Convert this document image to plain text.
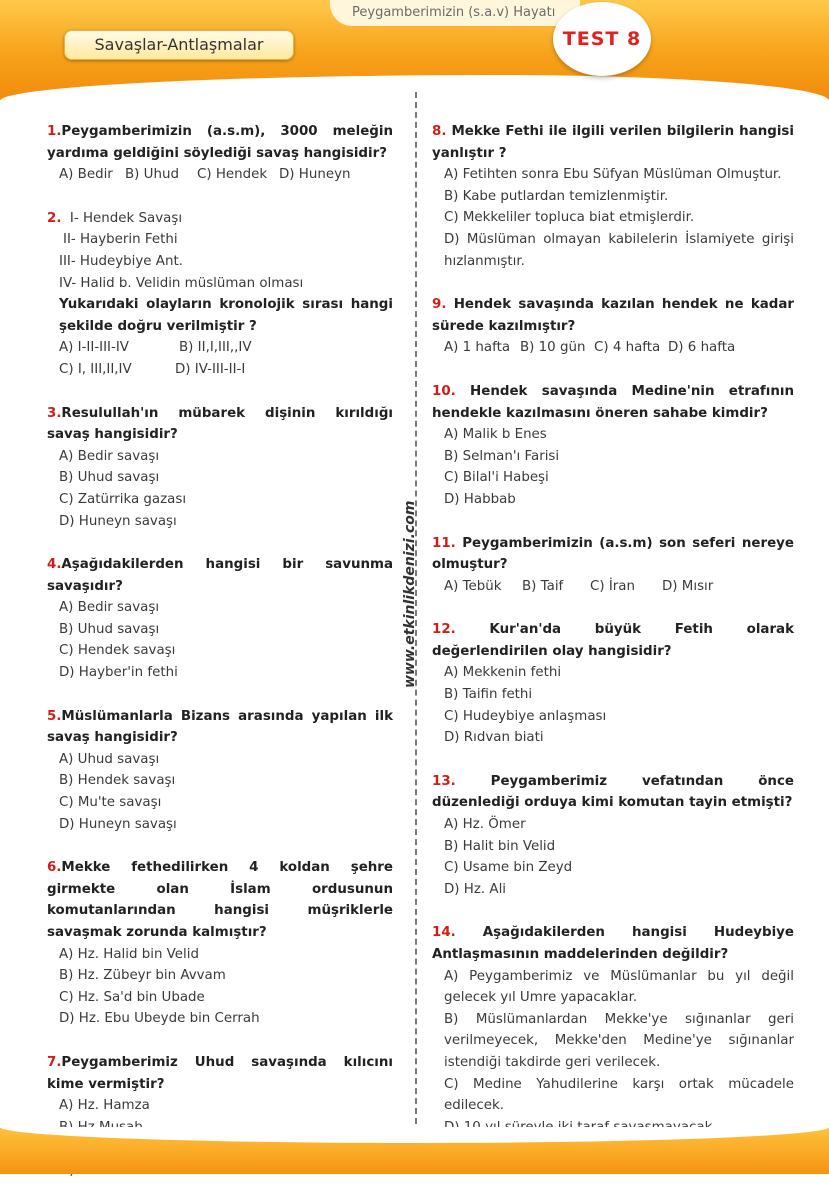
Peygamberimizin (s.a.v) Hayatı
Savaşlar-Antlaşmalar	TEST 8
www.etkinlikdenizi.com
1.Peygamberimizin (a.s.m), 3000 meleğin yardıma geldiğini söylediği savaş hangisidir?
A) Bedir B) Uhud C) Hendek D) Huneyn
2. I- Hendek Savaşı
II- Hayberin Fethi
III- Hudeybiye Ant.
IV- Halid b. Velidin müslüman olması
Yukarıdaki olayların kronolojik sırası hangi şekilde doğru verilmiştir ?
A) I-II-III-IV	B) II,I,III,,IV
C) I, III,II,IV	D) IV-III-II-I
3.Resulullah'ın mübarek dişinin kırıldığı savaş hangisidir?
A) Bedir savaşı
B) Uhud savaşı
C) Zatürrika gazası
D) Huneyn savaşı
4.Aşağıdakilerden hangisi bir savunma savaşıdır?
A) Bedir savaşı
B) Uhud savaşı
C) Hendek savaşı
D) Hayber'in fethi
5.Müslümanlarla Bizans arasında yapılan ilk savaş hangisidir?
A) Uhud savaşı
B) Hendek savaşı
C) Mu'te savaşı
D) Huneyn savaşı
6.Mekke fethedilirken 4 koldan şehre girmekte olan İslam ordusunun komutanlarından hangisi müşriklerle savaşmak zorunda kalmıştır?
A) Hz. Halid bin Velid
B) Hz. Zübeyr bin Avvam
C) Hz. Sa'd bin Ubade
D) Hz. Ebu Ubeyde bin Cerrah
7.Peygamberimiz Uhud savaşında kılıcını kime vermiştir?
A) Hz. Hamza
8. Mekke Fethi ile ilgili verilen bilgilerin hangisi yanlıştır ?
A) Fetihten sonra Ebu Süfyan Müslüman Olmuştur.
B) Kabe putlardan temizlenmiştir.
C) Mekkeliler topluca biat etmişlerdir.
D) Müslüman olmayan kabilelerin İslamiyete girişi hızlanmıştır.
9. Hendek savaşında kazılan hendek ne kadar sürede kazılmıştır?
A) 1 hafta B) 10 gün C) 4 hafta D) 6 hafta
10. Hendek savaşında Medine'nin etrafının hendekle kazılmasını öneren sahabe kimdir?
A) Malik b Enes
B) Selman'ı Farisi
C) Bilal'i Habeşi
D) Habbab
11. Peygamberimizin (a.s.m) son seferi nereye olmuştur?
A) Tebük B) Taif C) İran D) Mısır
12.	Kur'an'da büyük Fetih olarak değerlendirilen olay hangisidir?
A) Mekkenin fethi
B) Taifin fethi
C) Hudeybiye anlaşması
D) Rıdvan biati
13.	Peygamberimiz vefatından önce düzenlediği orduya kimi komutan tayin etmişti?
A) Hz. Ömer
B) Halit bin Velid
C) Usame bin Zeyd
D) Hz. Ali
14. Aşağıdakilerden hangisi Hudeybiye Antlaşmasının maddelerinden değildir?
A) Peygamberimiz ve Müslümanlar bu yıl değil gelecek yıl Umre yapacaklar.
B) Müslümanlardan Mekke'ye sığınanlar geri verilmeyecek, Mekke'den Medine'ye sığınanlar istendiği takdirde geri verilecek.
C) Medine Yahudilerine karşı ortak mücadele edilecek.
